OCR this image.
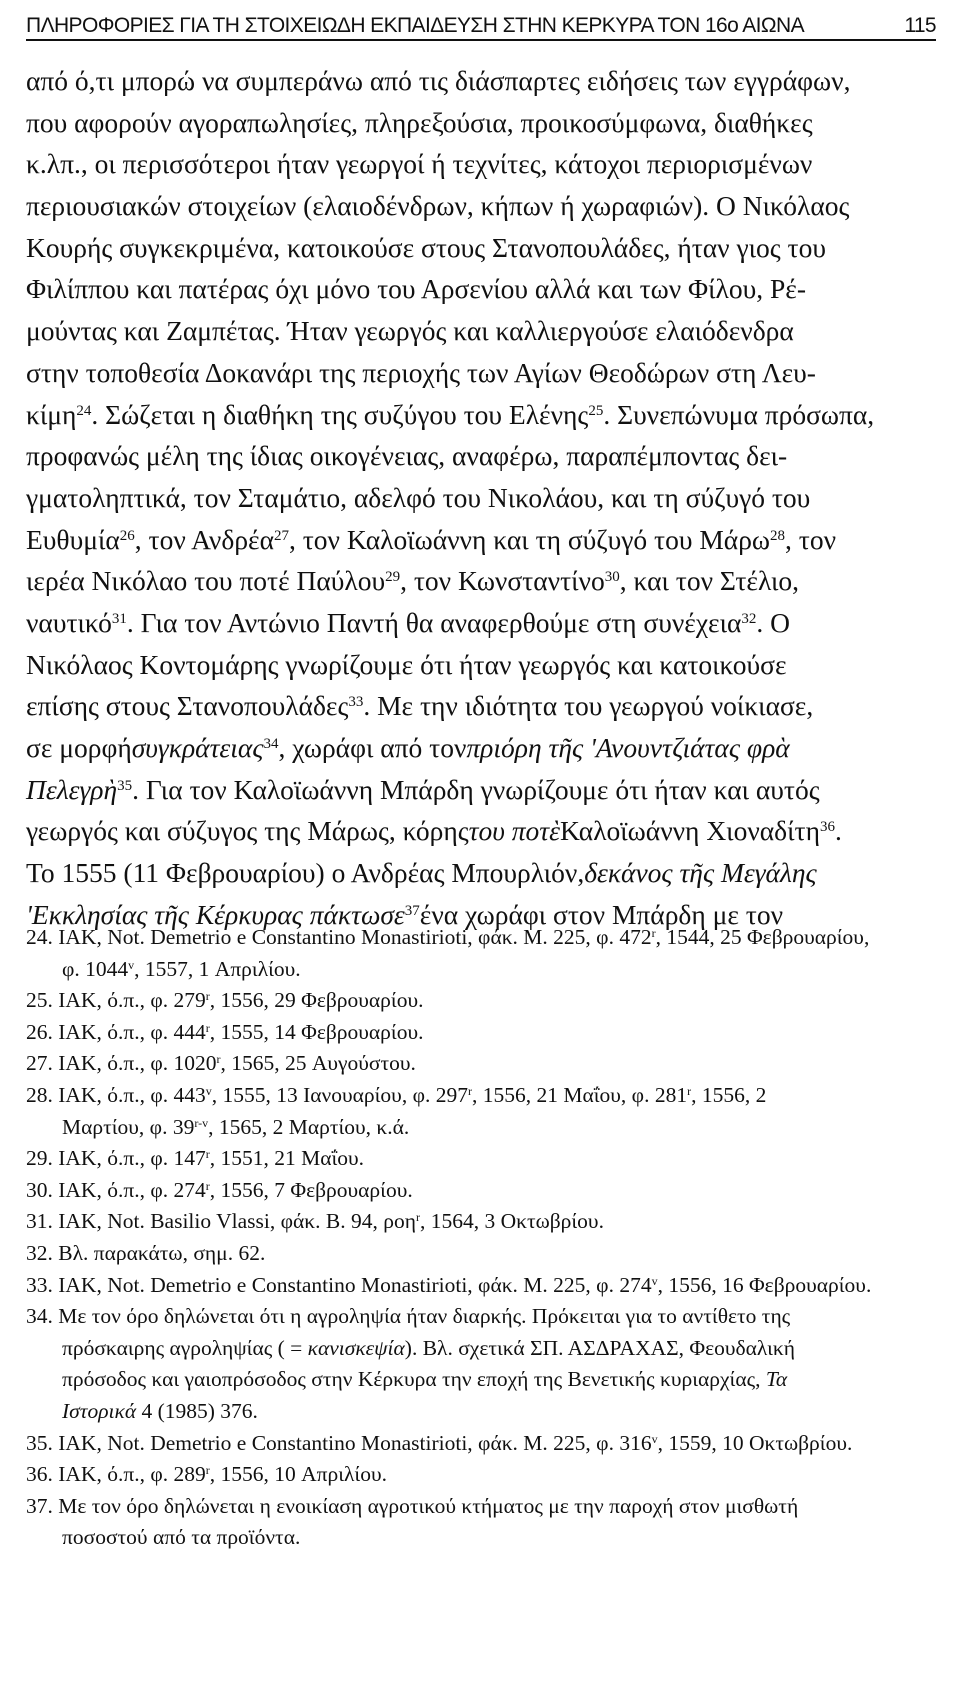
ΠΛΗΡΟΦΟΡΙΕΣ ΓΙΑ ΤΗ ΣΤΟΙΧΕΙΩΔΗ ΕΚΠΑΙΔΕΥΣΗ ΣΤΗΝ ΚΕΡΚΥΡΑ ΤΟΝ 16ο ΑΙΩΝΑ	115
από ό,τι μπορώ να συμπεράνω από τις διάσπαρτες ειδήσεις των εγγράφων,
που αφορούν αγοραπωλησίες, πληρεξούσια, προικοσύμφωνα, διαθήκες
κ.λπ., οι περισσότεροι ήταν γεωργοί ή τεχνίτες, κάτοχοι περιορισμένων
περιουσιακών στοιχείων (ελαιοδένδρων, κήπων ή χωραφιών). Ο Νικόλαος
Κουρής συγκεκριμένα, κατοικούσε στους Στανοπουλάδες, ήταν γιος του
Φιλίππου και πατέρας όχι μόνο του Αρσενίου αλλά και των Φίλου, Ρέ-
μούντας και Ζαμπέτας. Ήταν γεωργός και καλλιεργούσε ελαιόδενδρα
στην τοποθεσία Δοκανάρι της περιοχής των Αγίων Θεοδώρων στη Λευ-
κίμη$^{24}$. Σώζεται η διαθήκη της συζύγου του Ελένης$^{25}$. Συνεπώνυμα πρόσωπα,
προφανώς μέλη της ίδιας οικογένειας, αναφέρω, παραπέμποντας δει-
γματοληπτικά, τον Σταμάτιο, αδελφό του Νικολάου, και τη σύζυγό του
Ευθυμία$^{26}$, τον Ανδρέα$^{27}$, τον Καλοϊωάννη και τη σύζυγό του Μάρω$^{28}$, τον
ιερέα Νικόλαο του ποτέ Παύλου$^{29}$, τον Κωνσταντίνο$^{30}$, και τον Στέλιο,
ναυτικό$^{31}$. Για τον Αντώνιο Παντή θα αναφερθούμε στη συνέχεια$^{32}$. Ο
Νικόλαος Κοντομάρης γνωρίζουμε ότι ήταν γεωργός και κατοικούσε
επίσης στους Στανοπουλάδες$^{33}$. Με την ιδιότητα του γεωργού νοίκιασε,
σε μορφήσυγκράτειας$^{34}$, χωράφι από τονπριόρη τῆς 'Ανουντζιάτας φρὰ
Πελεγρὴ$^{35}$. Για τον Καλοϊωάννη Μπάρδη γνωρίζουμε ότι ήταν και αυτός
γεωργός και σύζυγος της Μάρως, κόρηςτου ποτὲΚαλοϊωάννη Χιοναδίτη$^{36}$.
Το 1555 (11 Φεβρουαρίου) ο Ανδρέας Μπουρλιόν,δεκάνος τῆς Μεγάλης
'Εκκλησίας τῆς Κέρκυρας πάκτωσε$^{37}$ένα χωράφι στον Μπάρδη με τον
24. ΙΑΚ, Not. Demetrio e Constantino Monastirioti, φάκ. Μ. 225, φ. 472$^r$, 1544, 25 Φεβρουαρίου,
φ. 1044$^v$, 1557, 1 Απριλίου.
25. ΙΑΚ, ό.π., φ. 279$^r$, 1556, 29 Φεβρουαρίου.
26. ΙΑΚ, ό.π., φ. 444$^r$, 1555, 14 Φεβρουαρίου.
27. ΙΑΚ, ό.π., φ. 1020$^r$, 1565, 25 Αυγούστου.
28. ΙΑΚ, ό.π., φ. 443$^v$, 1555, 13 Ιανουαρίου, φ. 297$^r$, 1556, 21 Μαΐου, φ. 281$^r$, 1556, 2
Μαρτίου, φ. 39$^{r-v}$, 1565, 2 Μαρτίου, κ.ά.
29. ΙΑΚ, ό.π., φ. 147$^r$, 1551, 21 Μαΐου.
30. ΙΑΚ, ό.π., φ. 274$^r$, 1556, 7 Φεβρουαρίου.
31. ΙΑΚ, Not. Basilio Vlassi, φάκ. Β. 94, ροη$^r$, 1564, 3 Οκτωβρίου.
32. Βλ. παρακάτω, σημ. 62.
33. ΙΑΚ, Not. Demetrio e Constantino Monastirioti, φάκ. Μ. 225, φ. 274$^v$, 1556, 16 Φεβρουαρίου.
34. Με τον όρο δηλώνεται ότι η αγροληψία ήταν διαρκής. Πρόκειται για το αντίθετο της
πρόσκαιρης αγροληψίας ( = κανισκεψία). Βλ. σχετικά ΣΠ. ΑΣΔΡΑΧΑΣ, Φεουδαλική
πρόσοδος και γαιοπρόσοδος στην Κέρκυρα την εποχή της Βενετικής κυριαρχίας, Τα
Ιστορικά 4 (1985) 376.
35. ΙΑΚ, Not. Demetrio e Constantino Monastirioti, φάκ. Μ. 225, φ. 316$^v$, 1559, 10 Οκτωβρίου.
36. ΙΑΚ, ό.π., φ. 289$^r$, 1556, 10 Απριλίου.
37. Με τον όρο δηλώνεται η ενοικίαση αγροτικού κτήματος με την παροχή στον μισθωτή
ποσοστού από τα προϊόντα.
